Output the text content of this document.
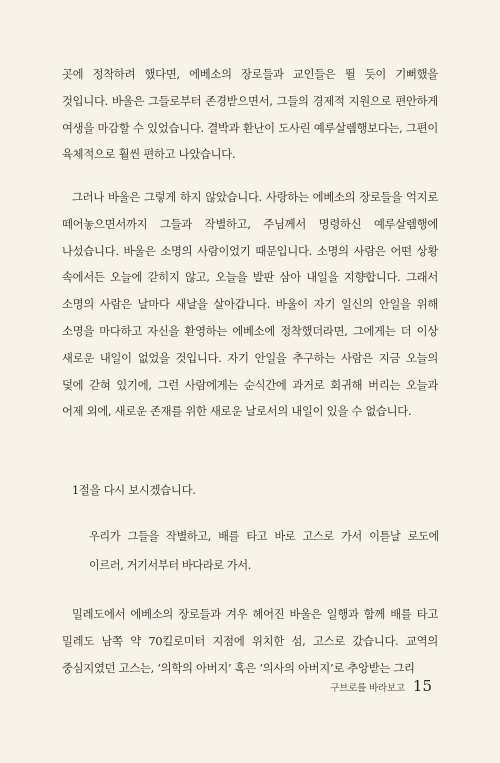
곳에 정착하려 했다면, 에베소의 장로들과 교인들은 뛸 듯이 기뻐했을 것입니다. 바울은 그들로부터 존경받으면서, 그들의 경제적 지원으로 편안하게 여생을 마감할 수 있었습니다. 결박과 환난이 도사린 예루살렘행보다는, 그편이 육체적으로 훨씬 편하고 나았습니다.

그러나 바울은 그렇게 하지 않았습니다. 사랑하는 에베소의 장로들을 억지로 떼어놓으면서까지 그들과 작별하고, 주님께서 명령하신 예루살렘행에 나섰습니다. 바울은 소명의 사람이었기 때문입니다. 소명의 사람은 어떤 상황 속에서든 오늘에 갇히지 않고, 오늘을 발판 삼아 내일을 지향합니다. 그래서 소명의 사람은 날마다 새날을 살아갑니다. 바울이 자기 일신의 안일을 위해 소명을 마다하고 자신을 환영하는 에베소에 정착했더라면, 그에게는 더 이상 새로운 내일이 없었을 것입니다. 자기 안일을 추구하는 사람은 지금 오늘의 덫에 갇혀 있기에, 그런 사람에게는 순식간에 과거로 회귀해 버리는 오늘과 어제 외에, 새로운 존재를 위한 새로운 날로서의 내일이 있을 수 없습니다.

1절을 다시 보시겠습니다.

우리가 그들을 작별하고, 배를 타고 바로 고스로 가서 이튿날 로도에 이르러, 거기서부터 바다라로 가서.

밀레도에서 에베소의 장로들과 겨우 헤어진 바울은 일행과 함께 배를 타고 밀레도 남쪽 약 70킬로미터 지점에 위치한 섬, 고스로 갔습니다. 교역의 중심지였던 고스는, ‘의학의 아버지’ 혹은 ‘의사의 아버지’로 추앙받는 그리

구브로를 바라보고 15
